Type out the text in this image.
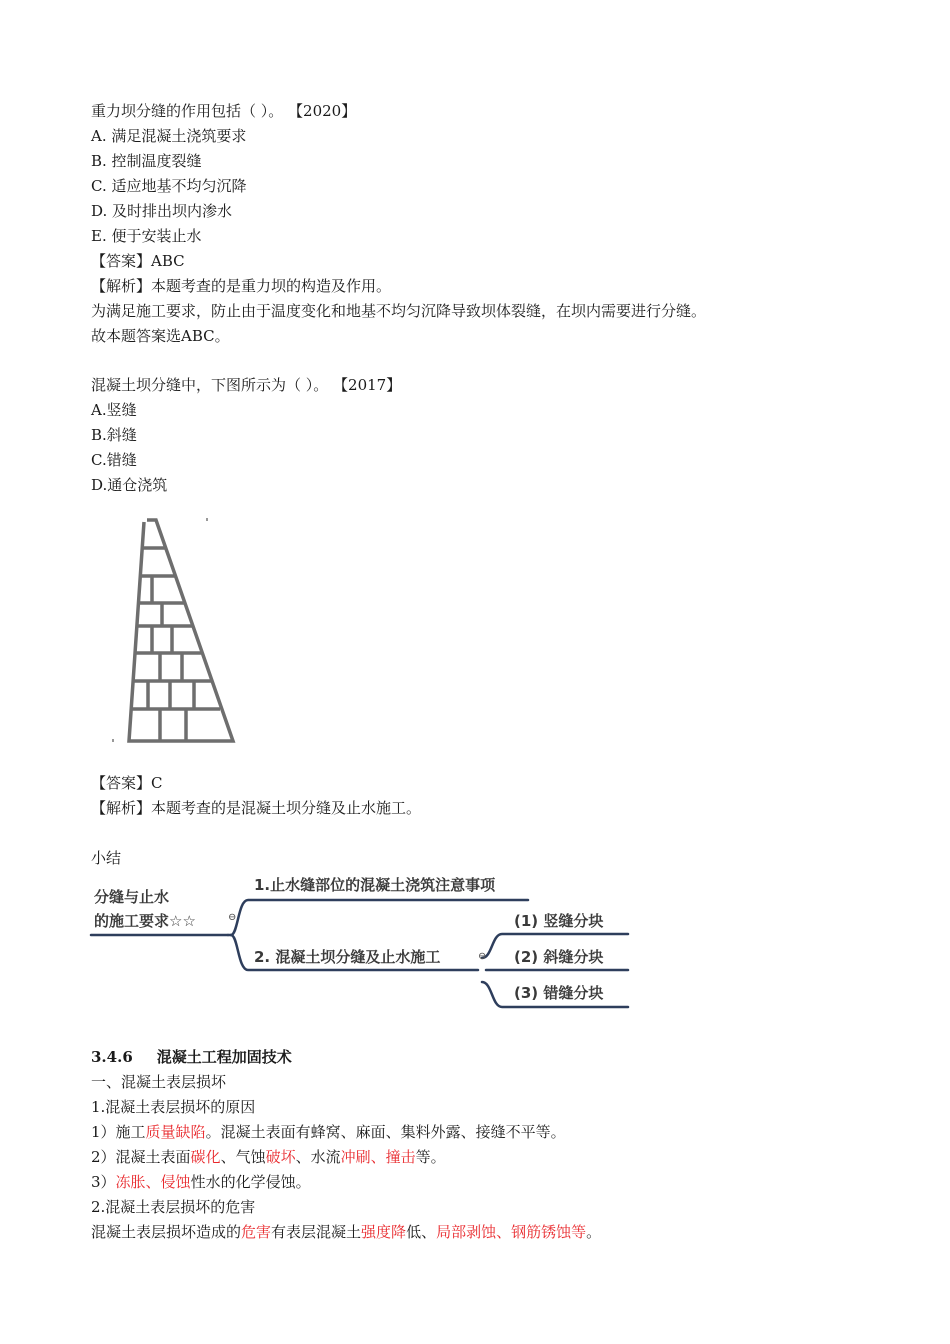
重力坝分缝的作用包括（ ）。 【2020】
A. 满足混凝土浇筑要求
B. 控制温度裂缝
C. 适应地基不均匀沉降
D. 及时排出坝内渗水
E. 便于安装止水
【答案】ABC
【解析】本题考查的是重力坝的构造及作用。
为满足施工要求，防止由于温度变化和地基不均匀沉降导致坝体裂缝，在坝内需要进行分缝。
故本题答案选ABC。
混凝土坝分缝中，下图所示为（ ）。 【2017】
A.竖缝
B.斜缝
C.错缝
D.通仓浇筑
【答案】C
【解析】本题考查的是混凝土坝分缝及止水施工。
小结
⊖
⊖
分缝与止水
的施工要求☆☆
1.止水缝部位的混凝土浇筑注意事项
2. 混凝土坝分缝及止水施工
(1) 竖缝分块
(2) 斜缝分块
(3) 错缝分块
3.4.6 混凝土工程加固技术
一、混凝土表层损坏
1.混凝土表层损坏的原因
1）施工质量缺陷。混凝土表面有蜂窝、麻面、集料外露、接缝不平等。
2）混凝土表面碳化、气蚀破坏、水流冲刷、撞击等。
3）冻胀、侵蚀性水的化学侵蚀。
2.混凝土表层损坏的危害
混凝土表层损坏造成的危害有表层混凝土强度降低、局部剥蚀、钢筋锈蚀等。
